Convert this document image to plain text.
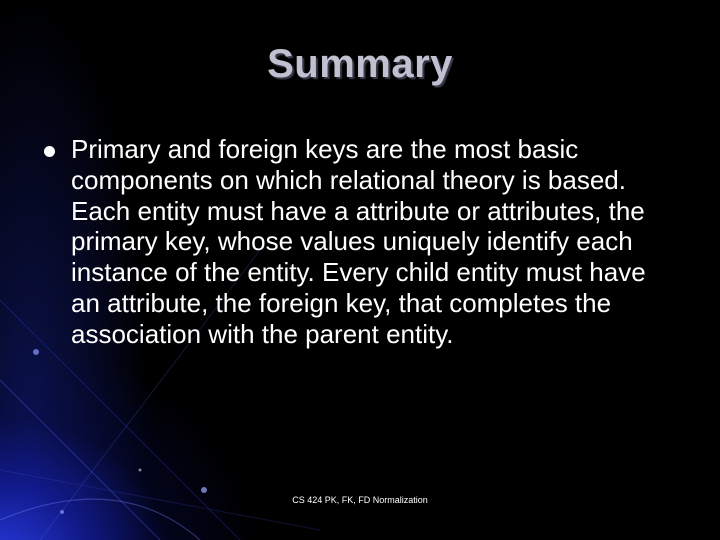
Summary

Primary and foreign keys are the most basic components on which relational theory is based. Each entity must have a attribute or attributes, the primary key, whose values uniquely identify each instance of the entity. Every child entity must have an attribute, the foreign key, that completes the association with the parent entity.

CS 424 PK, FK, FD Normalization
